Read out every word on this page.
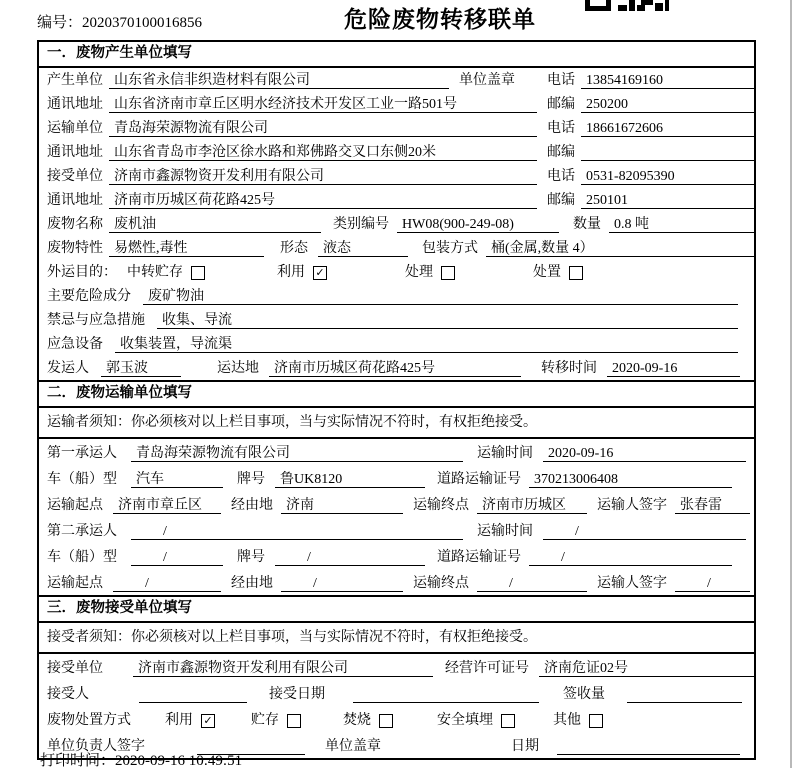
编号：2020370100016856	危险废物转移联单
一．废物产生单位填写
产生单位 山东省永信非织造材料有限公司	单位盖章 电话 13854169160
通讯地址 山东省济南市章丘区明水经济技术开发区工业一路501号	邮编 250200
运输单位 青岛海荣源物流有限公司	电话 18661672606
通讯地址 山东省青岛市李沧区徐水路和郑佛路交叉口东侧20米	邮编
接受单位 济南市鑫源物资开发利用有限公司	电话 0531-82095390
通讯地址 济南市历城区荷花路425号	邮编 250101
废物名称 废机油	类别编号 HW08(900-249-08)	数量 0.8 吨
废物特性 易燃性,毒性	形态	液态	包装方式 桶(金属,数量 4）
外运目的： 中转贮存	利用 ✓	处理	处置
主要危险成分	废矿物油
禁忌与应急措施	收集、导流
应急设备	收集装置，导流渠
发运人	郭玉波	运达地	济南市历城区荷花路425号	转移时间	2020-09-16
二．废物运输单位填写
运输者须知：你必须核对以上栏目事项，当与实际情况不符时，有权拒绝接受。
第一承运人	青岛海荣源物流有限公司	运输时间	2020-09-16
车（船）型	汽车	牌号	鲁UK8120	道路运输证号 370213006408
运输起点	济南市章丘区	经由地 济南	运输终点 济南市历城区	运输人签字 张春雷
第二承运人	/	运输时间	/
车（船）型	/	牌号	/	道路运输证号	/
运输起点	/	经由地	/	运输终点	/	运输人签字	/
三．废物接受单位填写
接受者须知：你必须核对以上栏目事项，当与实际情况不符时，有权拒绝接受。
接受单位	济南市鑫源物资开发利用有限公司	经营许可证号	济南危证02号
接受人	接受日期	签收量
废物处置方式 利用 ✓	贮存	焚烧	安全填埋	其他
单位负责人签字	单位盖章	日期
打印时间：2020-09-16 10:49:51
